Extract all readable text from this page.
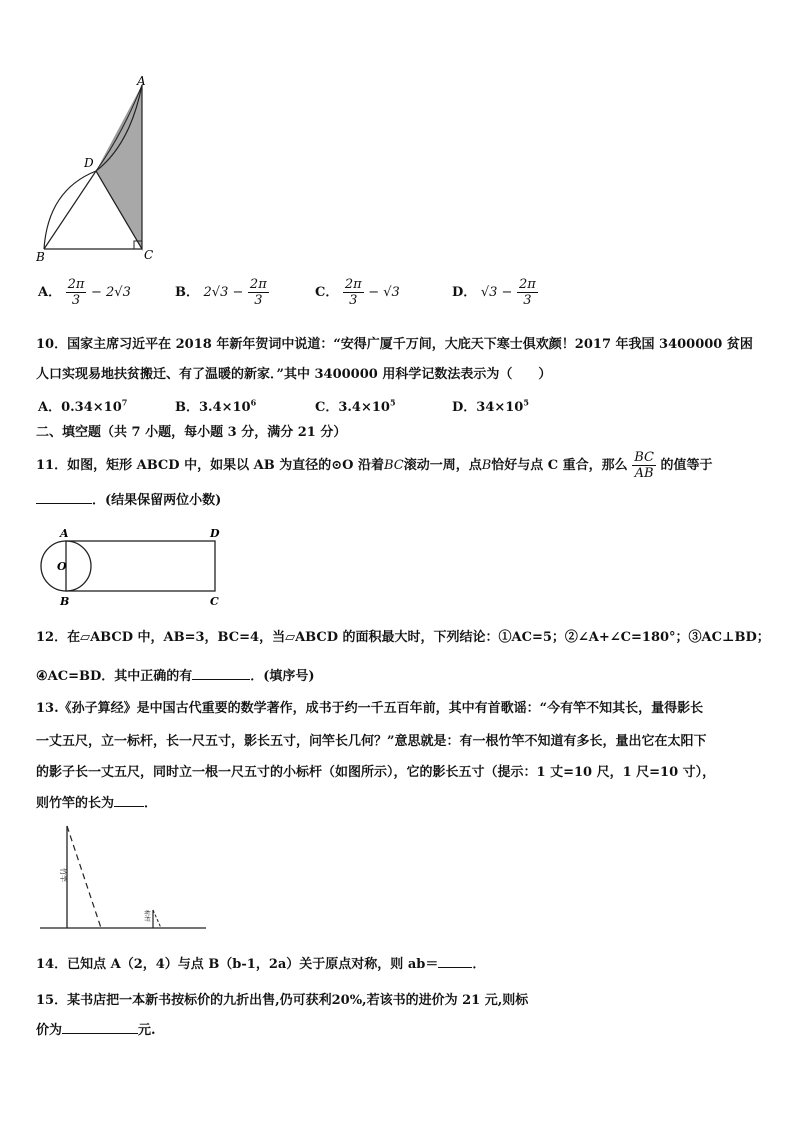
A
D
B	C
A． $\frac{2\pi}{3} - 2√3$	B． $2√3 - \frac{2\pi}{3}$	C． $\frac{2\pi}{3} - √3$	D． $√3 - \frac{2\pi}{3}$
10．国家主席习近平在 2018 年新年贺词中说道：“安得广厦千万间，大庇天下寒士俱欢颜！2017 年我国 3400000 贫困
人口实现易地扶贫搬迁、有了温暖的新家．”其中 3400000 用科学记数法表示为（　　）
A．$0.34\times 10^7$	B．$3.4\times 10^6$	C．$3.4\times 10^5$	D．$34\times 10^5$
二、填空题（共 7 小题，每小题 3 分，满分 21 分）
11．如图，矩形 ABCD 中，如果以 AB 为直径的⊙O 沿着BC滚动一周，点B恰好与点 C 重合，那么 $\frac{BC}{AB}$ 的值等于
．(结果保留两位小数)
A	D
O
B	C
12．在▱ABCD 中，AB=3，BC=4，当▱ABCD 的面积最大时，下列结论：①AC=5；②∠A+∠C=180°；③AC⊥BD；
④AC=BD．其中正确的有	．(填序号)
13.《孙子算经》是中国古代重要的数学著作，成书于约一千五百年前，其中有首歌谣：“今有竿不知其长，量得影长
一丈五尺，立一标杆，长一尺五寸，影长五寸，问竿长几何？”意思就是：有一根竹竿不知道有多长，量出它在太阳下
的影子长一丈五尺，同时立一根一尺五寸的小标杆（如图所示），它的影长五寸（提示：1 丈=10 尺，1 尺=10 寸），
则竹竿的长为 ．
竹竿
标杆
14．已知点 A（2，4）与点 B（b-1，2a）关于原点对称，则 ab＝	．
15．某书店把一本新书按标价的九折出售,仍可获利20%,若该书的进价为 21 元,则标
价为	元.
